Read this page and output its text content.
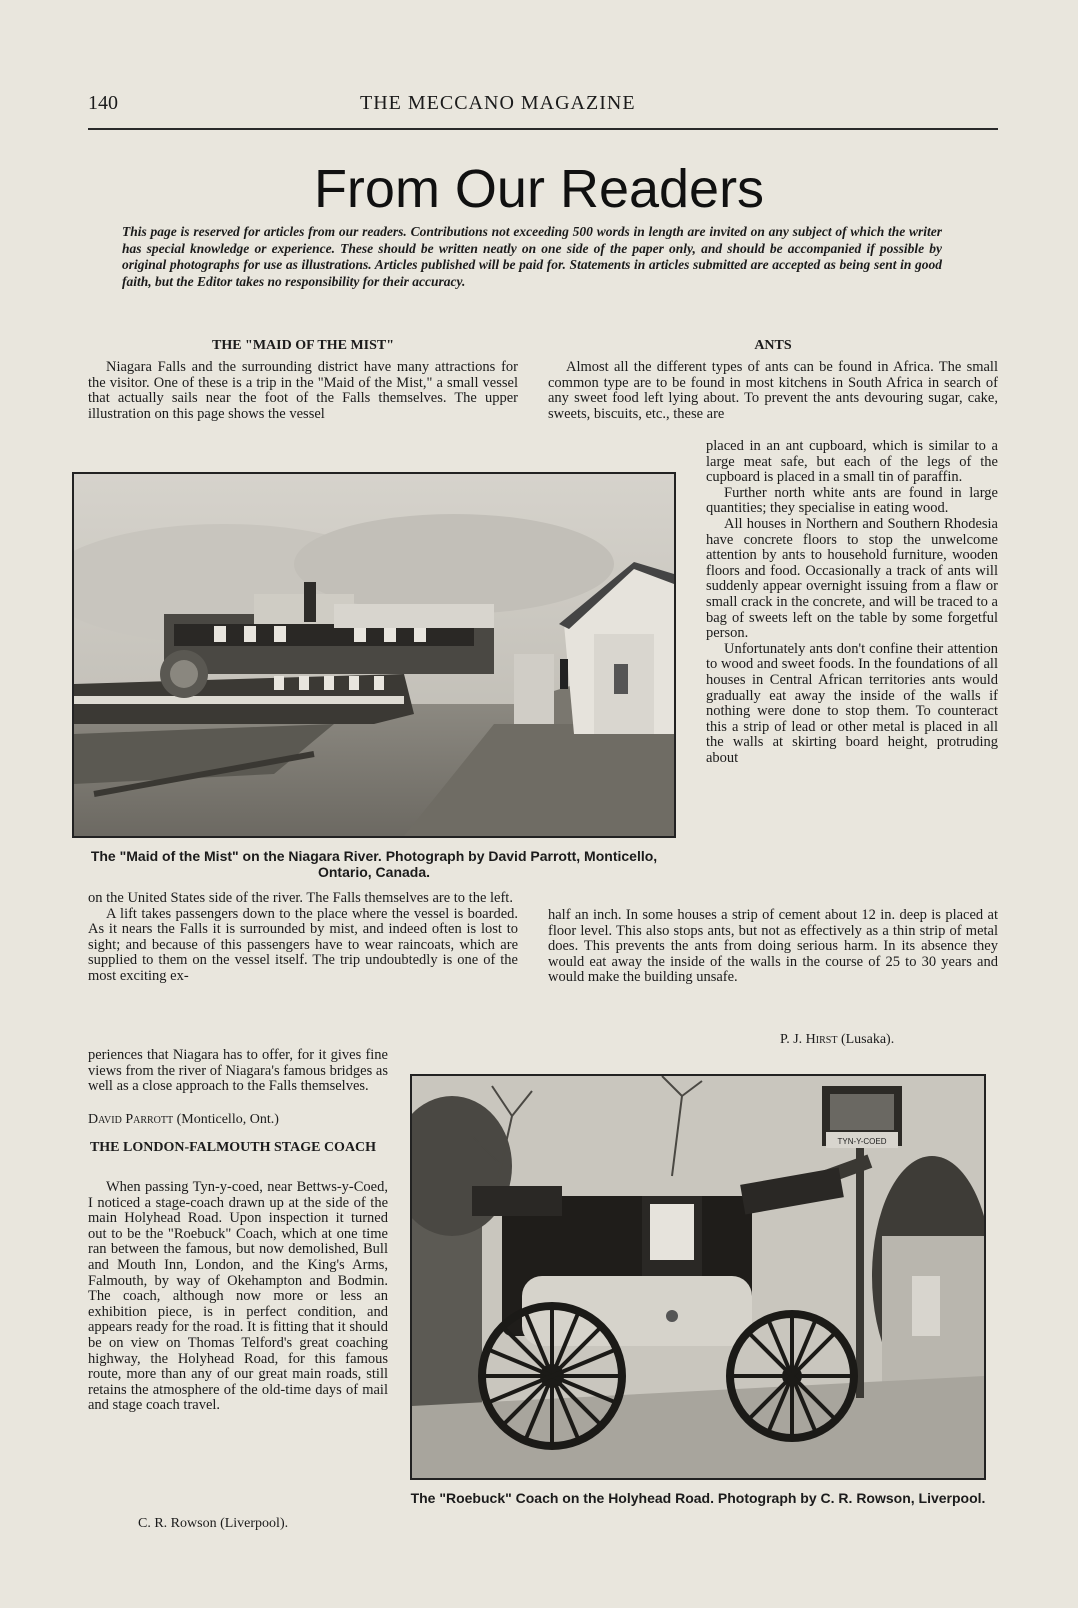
140	THE MECCANO MAGAZINE
From Our Readers
This page is reserved for articles from our readers. Contributions not exceeding 500 words in length are invited on any subject of which the writer has special knowledge or experience. These should be written neatly on one side of the paper only, and should be accompanied if possible by original photographs for use as illustrations. Articles published will be paid for. Statements in articles submitted are accepted as being sent in good faith, but the Editor takes no responsibility for their accuracy.
THE "MAID OF THE MIST"

Niagara Falls and the surrounding district have many attractions for the visitor. One of these is a trip in the "Maid of the Mist," a small vessel that actually sails near the foot of the Falls themselves. The upper illustration on this page shows the vessel

The "Maid of the Mist" on the Niagara River. Photograph by David Parrott, Monticello, Ontario, Canada.

on the United States side of the river. The Falls themselves are to the left.

A lift takes passengers down to the place where the vessel is boarded. As it nears the Falls it is surrounded by mist, and indeed often is lost to sight; and because of this passengers have to wear raincoats, which are supplied to them on the vessel itself. The trip undoubtedly is one of the most exciting ex-

periences that Niagara has to offer, for it gives fine views from the river of Niagara's famous bridges as well as a close approach to the Falls themselves.

David Parrott (Monticello, Ont.)
THE LONDON-FALMOUTH STAGE COACH

When passing Tyn-y-coed, near Bettws-y-Coed, I noticed a stage-coach drawn up at the side of the main Holyhead Road. Upon inspection it turned out to be the "Roebuck" Coach, which at one time ran between the famous, but now demolished, Bull and Mouth Inn, London, and the King's Arms, Falmouth, by way of Okehampton and Bodmin. The coach, although now more or less an exhibition piece, is in perfect condition, and appears ready for the road. It is fitting that it should be on view on Thomas Telford's great coaching highway, the Holyhead Road, for this famous route, more than any of our great main roads, still retains the atmosphere of the old-time days of mail and stage coach travel.

C. R. Rowson (Liverpool).
TYN-Y-COED
The "Roebuck" Coach on the Holyhead Road. Photograph by C. R. Rowson, Liverpool.
ANTS

Almost all the different types of ants can be found in Africa. The small common type are to be found in most kitchens in South Africa in search of any sweet food left lying about. To prevent the ants devouring sugar, cake, sweets, biscuits, etc., these are

placed in an ant cupboard, which is similar to a large meat safe, but each of the legs of the cupboard is placed in a small tin of paraffin.

Further north white ants are found in large quantities; they specialise in eating wood.

All houses in Northern and Southern Rhodesia have concrete floors to stop the unwelcome attention by ants to household furniture, wooden floors and food. Occasionally a track of ants will suddenly appear overnight issuing from a flaw or small crack in the concrete, and will be traced to a bag of sweets left on the table by some forgetful person.

Unfortunately ants don't confine their attention to wood and sweet foods. In the foundations of all houses in Central African territories ants would gradually eat away the inside of the walls if nothing were done to stop them. To counteract this a strip of lead or other metal is placed in all the walls at skirting board height, protruding about

half an inch. In some houses a strip of cement about 12 in. deep is placed at floor level. This also stops ants, but not as effectively as a thin strip of metal does. This prevents the ants from doing serious harm. In its absence they would eat away the inside of the walls in the course of 25 to 30 years and would make the building unsafe.

P. J. Hirst (Lusaka).
